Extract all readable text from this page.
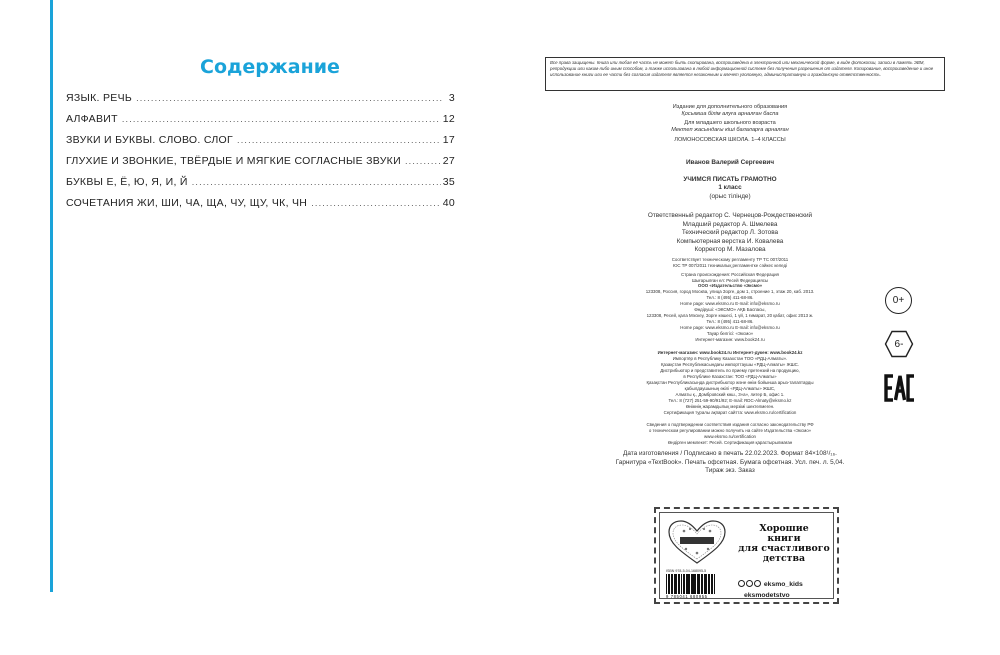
Содержание
ЯЗЫК. РЕЧЬ .....	3
АЛФАВИТ .....	12
ЗВУКИ И БУКВЫ. СЛОВО. СЛОГ .....	17
ГЛУХИЕ И ЗВОНКИЕ, ТВЁРДЫЕ И МЯГКИЕ СОГЛАСНЫЕ ЗВУКИ .....	27
БУКВЫ Е, Ё, Ю, Я, И, Й .....	35
СОЧЕТАНИЯ ЖИ, ШИ, ЧА, ЩА, ЧУ, ЩУ, ЧК, ЧН .....	40
Все права защищены. Книга или любая её часть не может быть скопирована, воспроизведена в электронной или механической форме, в виде фотокопии, записи в память ЭВМ, репродукции или каким-либо иным способом, а также использована в любой информационной системе без получения разрешения от издателя. Копирование, воспроизведение и иное использование книги или ее части без согласия издателя является незаконным и влечет уголовную, административную и гражданскую ответственность.
Издание для дополнительного образования
Қосымша білім алуға арналған баспа
Для младшего школьного возраста
Мектеп жасындағы кіші балаларға арналған
ЛОМОНОСОВСКАЯ ШКОЛА. 1–4 КЛАССЫ
Иванов Валерий Сергеевич
УЧИМСЯ ПИСАТЬ ГРАМОТНО
1 класс
(орыс тілінде)
Ответственный редактор С. Чернецов-Рождественский
Младший редактор А. Шмелева
Технический редактор Л. Зотова
Компьютерная верстка И. Ковалева
Корректор М. Мазалова
Соответствует техническому регламенту ТР ТС 007/2011
ЮС ТР 007/2011 техникалық регламентке сәйкес келеді
Страна происхождения: Российская Федерация
Шығарылған ел: Ресей Федерациясы
ООО «Издательство «Эксмо»
123308, Россия, город Москва, улица Зорге, дом 1, строение 1, этаж 20, каб. 2013.
Тел.: 8 (495) 411-68-86.
Home page: www.eksmo.ru E-mail: info@eksmo.ru
Өндіруші: «ЭКСМО» АҚБ Баспасы,
123308, Ресей, қала Мәскеу, Зорге көшесі, 1 үй, 1 ғимарат, 20 қабат, офис 2013 ж.
Тел.: 8 (495) 411-68-86.
Home page: www.eksmo.ru E-mail: info@eksmo.ru
Тауар белгісі: «Эксмо»
Интернет-магазин: www.book24.ru
Интернет-магазин: www.book24.ru Интернет-дүкен: www.book24.kz
Импортёр в Республику Казахстан ТОО «РДЦ-Алматы».
Қазақстан Республикасындағы импорттаушы «РДЦ-Алматы» ЖШС.
Дистрибьютор и представитель по приему претензий на продукцию,
в Республике Казахстан: ТОО «РДЦ-Алматы»
Қазақстан Республикасында дистрибьютор және өнім бойынша арыз-талаптарды
қабылдаушының өкілі «РДЦ-Алматы» ЖШС,
Алматы қ., Домбровский көш., 3«а», литер Б, офис 1.
Тел.: 8 (727) 251-59-90/91/92; E-mail: RDC-Almaty@eksmo.kz
Өнімнің жарамдылық мерзімі шектелмеген.
Сертификация туралы ақпарат сайтта: www.eksmo.ru/certification
Сведения о подтверждении соответствия издания согласно законодательству РФ
о техническом регулировании можно получить на сайте Издательства «Эксмо»
www.eksmo.ru/certification
Өндірген мемлекет: Ресей. Сертификация қарастырылмаған
Дата изготовления / Подписано в печать 22.02.2023. Формат 84×108¹/₁₆.
Гарнитура «TextBook». Печать офсетная. Бумага офсетная. Усл. печ. л. 5,04.
Тираж экз. Заказ
0+
6-
Хорошие
книги
для счастливого
детства
ISBN 978-5-04-168095-5
9 785041 680955
eksmo_kids
eksmodetstvo
